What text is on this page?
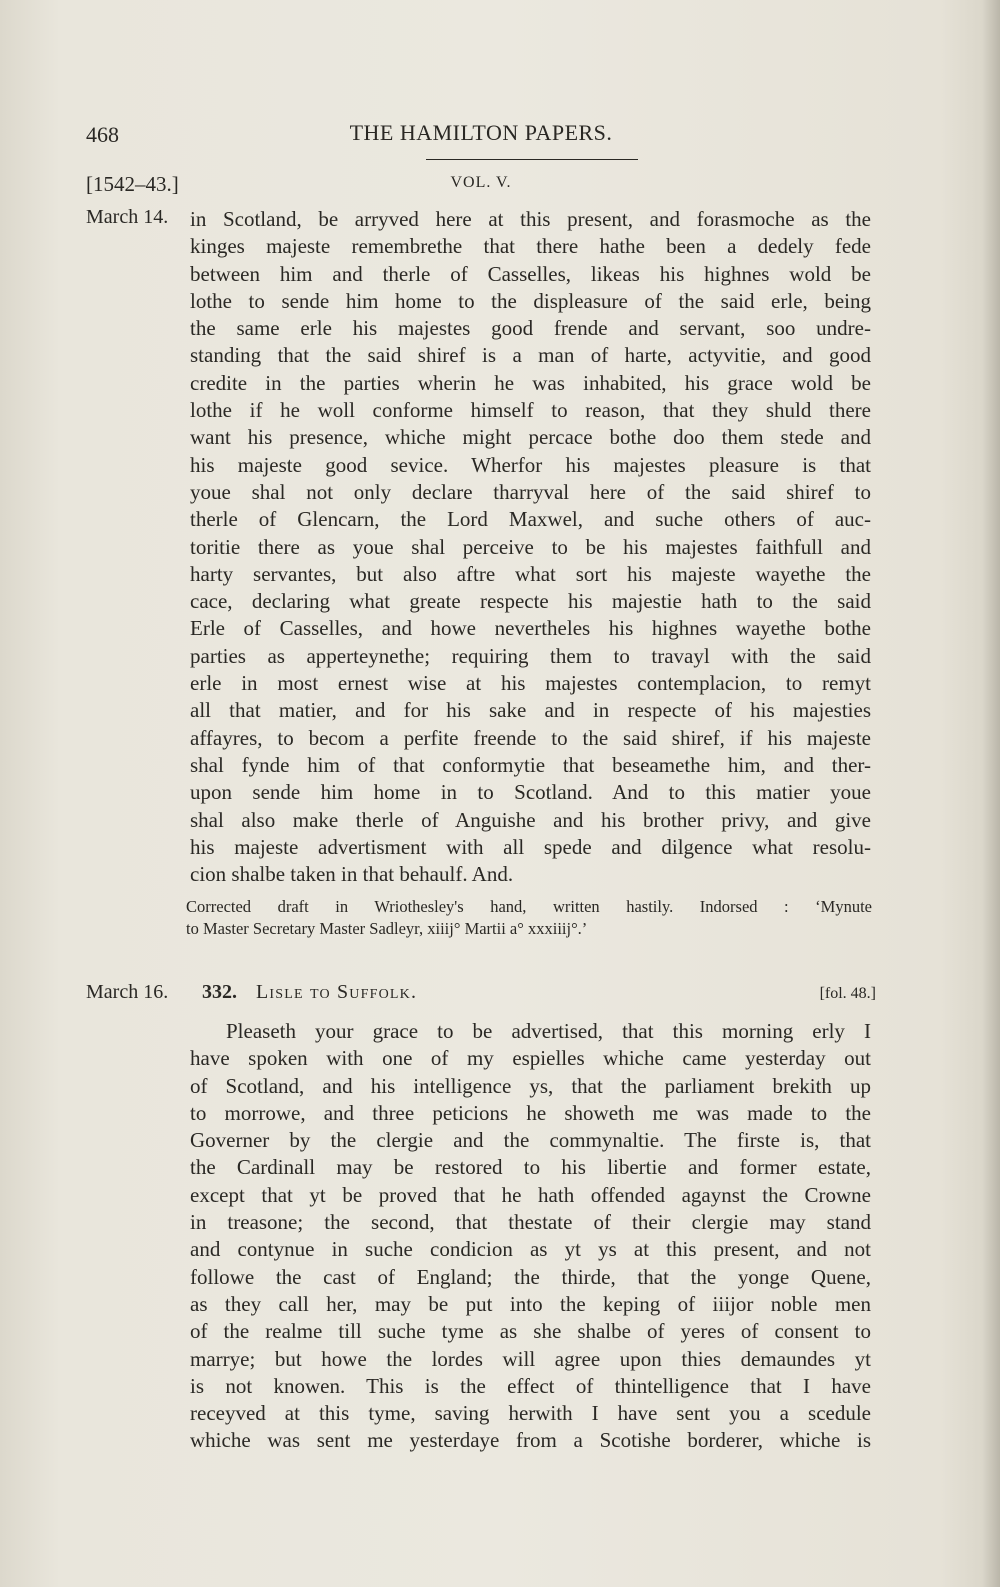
468	THE HAMILTON PAPERS.
[1542–43.]	VOL. V.
March 14. in Scotland, be arryved here at this present, and forasmoche as the
kinges majeste remembrethe that there hathe been a dedely fede
between him and therle of Casselles, likeas his highnes wold be
lothe to sende him home to the displeasure of the said erle, being
the same erle his majestes good frende and servant, soo undre-
standing that the said shiref is a man of harte, actyvitie, and good
credite in the parties wherin he was inhabited, his grace wold be
lothe if he woll conforme himself to reason, that they shuld there
want his presence, whiche might percace bothe doo them stede and
his majeste good sevice. Wherfor his majestes pleasure is that
youe shal not only declare tharryval here of the said shiref to
therle of Glencarn, the Lord Maxwel, and suche others of auc-
toritie there as youe shal perceive to be his majestes faithfull and
harty servantes, but also aftre what sort his majeste wayethe the
cace, declaring what greate respecte his majestie hath to the said
Erle of Casselles, and howe nevertheles his highnes wayethe bothe
parties as apperteynethe; requiring them to travayl with the said
erle in most ernest wise at his majestes contemplacion, to remyt
all that matier, and for his sake and in respecte of his majesties
affayres, to becom a perfite freende to the said shiref, if his majeste
shal fynde him of that conformytie that beseamethe him, and ther-
upon sende him home in to Scotland. And to this matier youe
shal also make therle of Anguishe and his brother privy, and give
his majeste advertisment with all spede and dilgence what resolu-
cion shalbe taken in that behaulf. And.
Corrected draft in Wriothesley's hand, written hastily. Indorsed : ‘Mynute
to Master Secretary Master Sadleyr, xiiij° Martii a° xxxiiij°.’
March 16. 332. Lisle to Suffolk.	[fol. 48.]
Pleaseth your grace to be advertised, that this morning erly I
have spoken with one of my espielles whiche came yesterday out
of Scotland, and his intelligence ys, that the parliament brekith up
to morrowe, and three peticions he showeth me was made to the
Governer by the clergie and the commynaltie. The firste is, that
the Cardinall may be restored to his libertie and former estate,
except that yt be proved that he hath offended agaynst the Crowne
in treasone; the second, that thestate of their clergie may stand
and contynue in suche condicion as yt ys at this present, and not
followe the cast of England; the thirde, that the yonge Quene,
as they call her, may be put into the keping of iiijor noble men
of the realme till suche tyme as she shalbe of yeres of consent to
marrye; but howe the lordes will agree upon thies demaundes yt
is not knowen. This is the effect of thintelligence that I have
receyved at this tyme, saving herwith I have sent you a scedule
whiche was sent me yesterdaye from a Scotishe borderer, whiche is
